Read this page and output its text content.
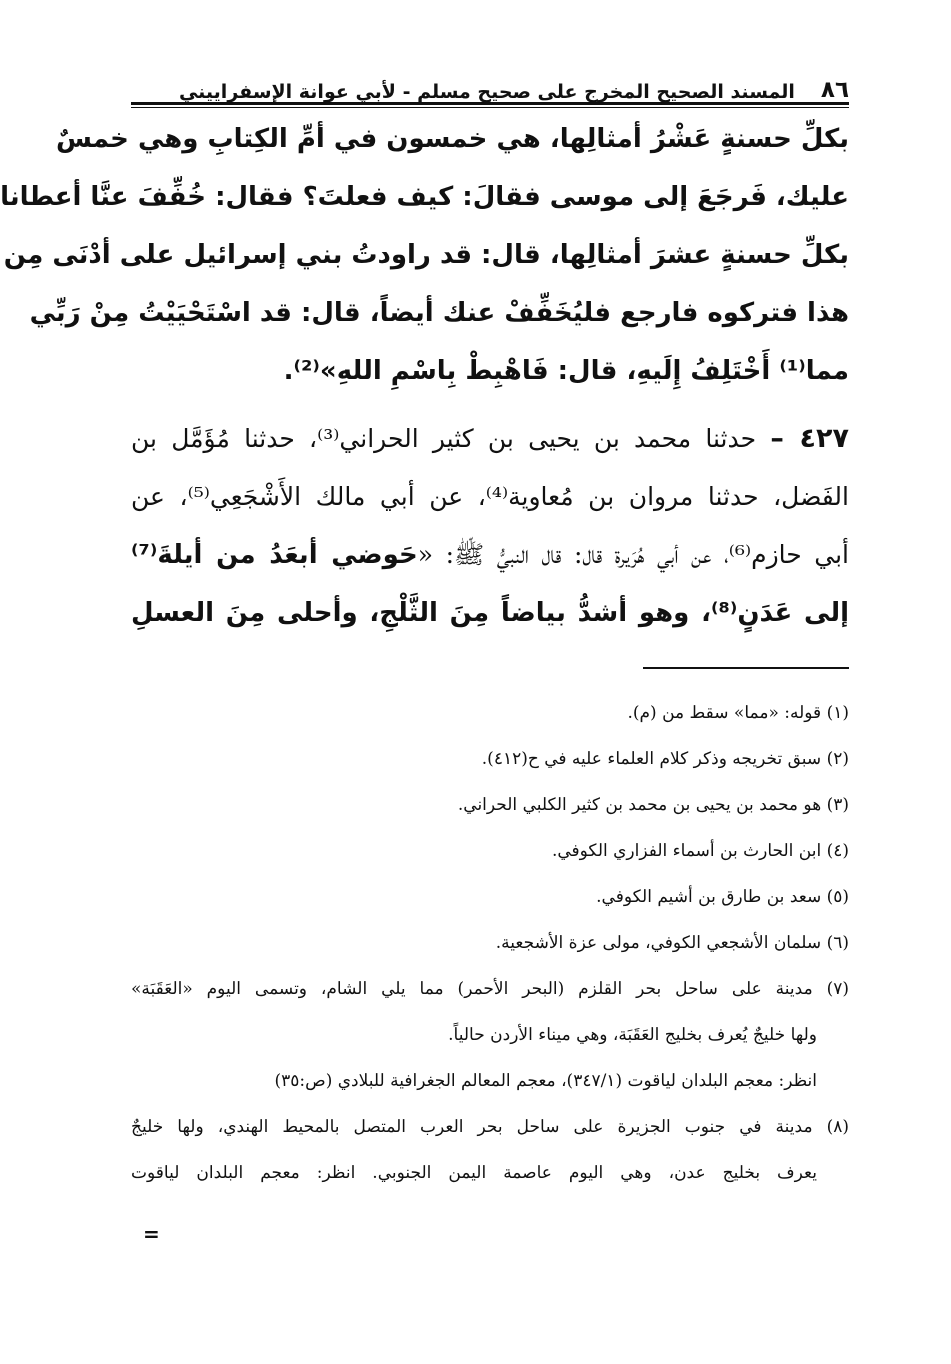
٨٦
المسند الصحيح المخرج على صحيح مسلم - لأبي عوانة الإسفراييني
بكلِّ حسنةٍ عَشْرُ أمثالِها، هي خمسون في أمِّ الكِتابِ وهي خمسٌ
عليك، فَرجَعَ إلى موسى فقالَ: كيف فعلتَ؟ فقال: خُفِّفَ عنَّا أعطانا
بكلِّ حسنةٍ عشرَ أمثالِها، قال: قد راودتُ بني إسرائيل على أدْنَى مِن
هذا فتركوه فارجع فليُخَفِّفْ عنك أيضاً، قال: قد اسْتَحْيَيْتُ مِنْ رَبِّي
مما⁽¹⁾ أَخْتَلِفُ إِلَيهِ، قال: فَاهْبِطْ بِاسْمِ اللهِ»⁽²⁾.
٤٢٧ – حدثنا محمد بن يحيى بن كثير الحراني⁽³⁾، حدثنا مُؤَمَّل بن
الفَضل، حدثنا مروان بن مُعاوية⁽⁴⁾، عن أبي مالك الأَشْجَعِي⁽⁵⁾، عن
أبي حازم⁽⁶⁾، عن أبي هُرَيرة قال: قال النبيُّ ﷺ: «حَوضي أبعَدُ من أيلةَ⁽⁷⁾
إلى عَدَنٍ⁽⁸⁾، وهو أشدُّ بياضاً مِنَ الثَّلْجِ، وأحلى مِنَ العسلِ
(١) قوله: «مما» سقط من (م).
(٢) سبق تخريجه وذكر كلام العلماء عليه في ح(٤١٢).
(٣) هو محمد بن يحيى بن محمد بن كثير الكلبي الحراني.
(٤) ابن الحارث بن أسماء الفزاري الكوفي.
(٥) سعد بن طارق بن أشيم الكوفي.
(٦) سلمان الأشجعي الكوفي، مولى عزة الأشجعية.
(٧) مدينة على ساحل بحر القلزم (البحر الأحمر) مما يلي الشام، وتسمى اليوم «العَقَبَة»
ولها خليجٌ يُعرف بخليج العَقَبَة، وهي ميناء الأردن حالياً.
انظر: معجم البلدان لياقوت (٣٤٧/١)، معجم المعالم الجغرافية للبلادي (ص:٣٥)
(٨) مدينة في جنوب الجزيرة على ساحل بحر العرب المتصل بالمحيط الهندي، ولها خليجٌ
يعرف بخليج عدن، وهي اليوم عاصمة اليمن الجنوبي. انظر: معجم البلدان لياقوت
=
